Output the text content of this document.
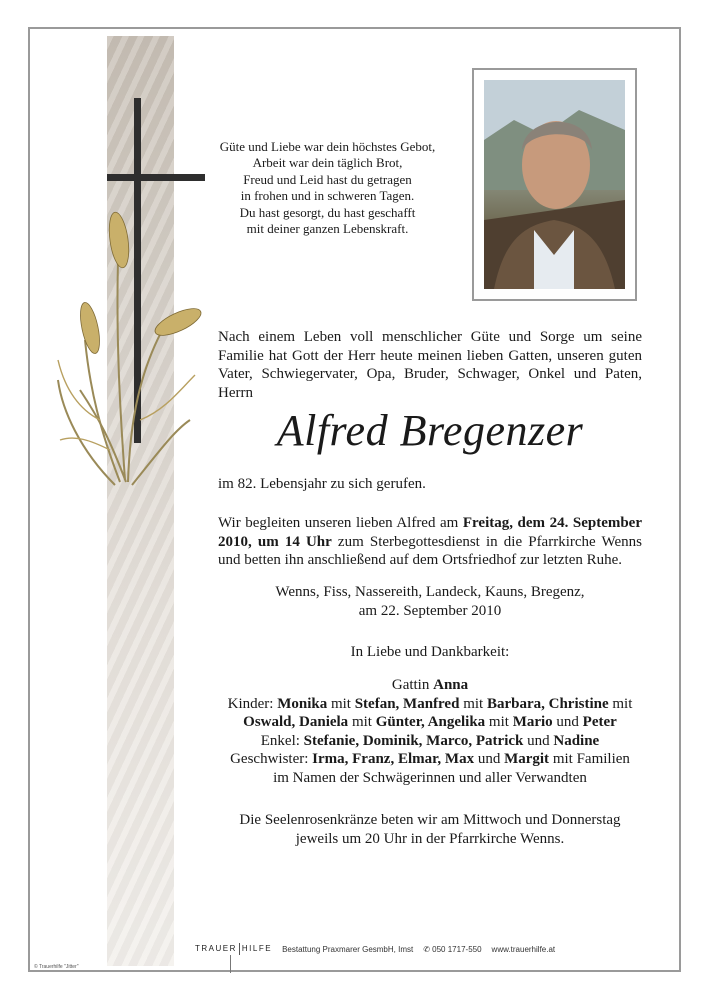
Güte und Liebe war dein höchstes Gebot,
Arbeit war dein täglich Brot,
Freud und Leid hast du getragen
in frohen und in schweren Tagen.
Du hast gesorgt, du hast geschafft
mit deiner ganzen Lebenskraft.
Nach einem Leben voll menschlicher Güte und Sorge um seine Familie hat Gott der Herr heute meinen lieben Gatten, unseren guten Vater, Schwiegervater, Opa, Bruder, Schwager, Onkel und Paten, Herrn
Alfred Bregenzer
im 82. Lebensjahr zu sich gerufen.
Wir begleiten unseren lieben Alfred am Freitag, dem 24. September 2010, um 14 Uhr zum Sterbegottesdienst in die Pfarrkirche Wenns und betten ihn anschließend auf dem Ortsfriedhof zur letzten Ruhe.
Wenns, Fiss, Nassereith, Landeck, Kauns, Bregenz,
am 22. September 2010
In Liebe und Dankbarkeit:
Gattin Anna
Kinder: Monika mit Stefan, Manfred mit Barbara, Christine mit
Oswald, Daniela mit Günter, Angelika mit Mario und Peter
Enkel: Stefanie, Dominik, Marco, Patrick und Nadine
Geschwister: Irma, Franz, Elmar, Max und Margit mit Familien
im Namen der Schwägerinnen und aller Verwandten
Die Seelenrosenkränze beten wir am Mittwoch und Donnerstag
jeweils um 20 Uhr in der Pfarrkirche Wenns.
TRAUER HILFE Bestattung Praxmarer GesmbH, Imst ✆ 050 1717-550 www.trauerhilfe.at
© Trauerhilfe "Jitter"
